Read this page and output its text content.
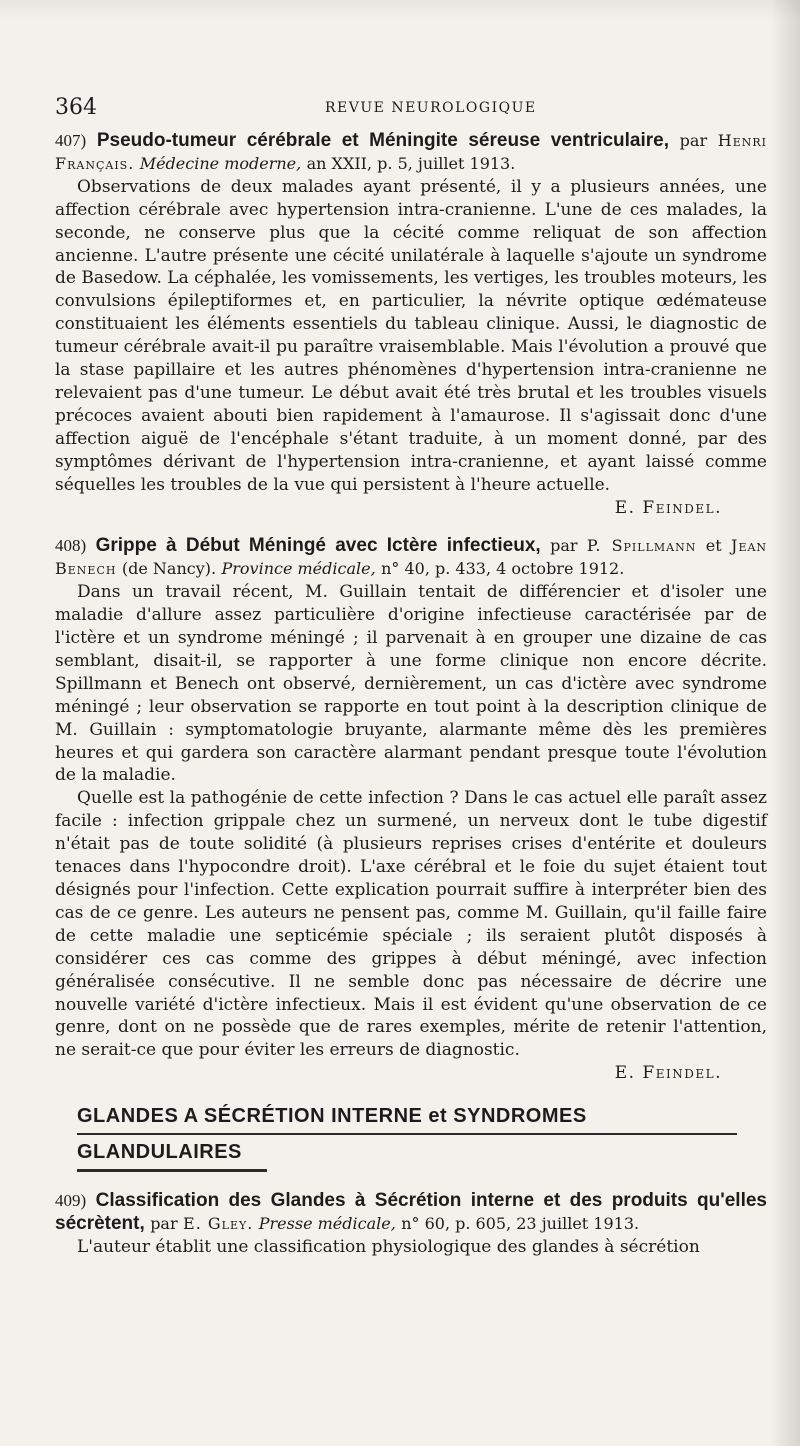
364	REVUE NEUROLOGIQUE
407) Pseudo-tumeur cérébrale et Méningite séreuse ventriculaire, par Henri Français. Médecine moderne, an XXII, p. 5, juillet 1913.

Observations de deux malades ayant présenté, il y a plusieurs années, une affection cérébrale avec hypertension intra-cranienne. L'une de ces malades, la seconde, ne conserve plus que la cécité comme reliquat de son affection ancienne. L'autre présente une cécité unilatérale à laquelle s'ajoute un syndrome de Basedow. La céphalée, les vomissements, les vertiges, les troubles moteurs, les convulsions épileptiformes et, en particulier, la névrite optique œdémateuse constituaient les éléments essentiels du tableau clinique. Aussi, le diagnostic de tumeur cérébrale avait-il pu paraître vraisemblable. Mais l'évolution a prouvé que la stase papillaire et les autres phénomènes d'hypertension intra-cranienne ne relevaient pas d'une tumeur. Le début avait été très brutal et les troubles visuels précoces avaient abouti bien rapidement à l'amaurose. Il s'agissait donc d'une affection aiguë de l'encéphale s'étant traduite, à un moment donné, par des symptômes dérivant de l'hypertension intra-cranienne, et ayant laissé comme séquelles les troubles de la vue qui persistent à l'heure actuelle.

E. Feindel.
408) Grippe à Début Méningé avec Ictère infectieux, par P. Spillmann et Jean Benech (de Nancy). Province médicale, n° 40, p. 433, 4 octobre 1912.

Dans un travail récent, M. Guillain tentait de différencier et d'isoler une maladie d'allure assez particulière d'origine infectieuse caractérisée par de l'ictère et un syndrome méningé ; il parvenait à en grouper une dizaine de cas semblant, disait-il, se rapporter à une forme clinique non encore décrite. Spillmann et Benech ont observé, dernièrement, un cas d'ictère avec syndrome méningé ; leur observation se rapporte en tout point à la description clinique de M. Guillain : symptomatologie bruyante, alarmante même dès les premières heures et qui gardera son caractère alarmant pendant presque toute l'évolution de la maladie.

Quelle est la pathogénie de cette infection ? Dans le cas actuel elle paraît assez facile : infection grippale chez un surmené, un nerveux dont le tube digestif n'était pas de toute solidité (à plusieurs reprises crises d'entérite et douleurs tenaces dans l'hypocondre droit). L'axe cérébral et le foie du sujet étaient tout désignés pour l'infection. Cette explication pourrait suffire à interpréter bien des cas de ce genre. Les auteurs ne pensent pas, comme M. Guillain, qu'il faille faire de cette maladie une septicémie spéciale ; ils seraient plutôt disposés à considérer ces cas comme des grippes à début méningé, avec infection généralisée consécutive. Il ne semble donc pas nécessaire de décrire une nouvelle variété d'ictère infectieux. Mais il est évident qu'une observation de ce genre, dont on ne possède que de rares exemples, mérite de retenir l'attention, ne serait-ce que pour éviter les erreurs de diagnostic.

E. Feindel.
GLANDES A SÉCRÉTION INTERNE et SYNDROMES
GLANDULAIRES
409) Classification des Glandes à Sécrétion interne et des produits qu'elles sécrètent, par E. Gley. Presse médicale, n° 60, p. 605, 23 juillet 1913.

L'auteur établit une classification physiologique des glandes à sécrétion
